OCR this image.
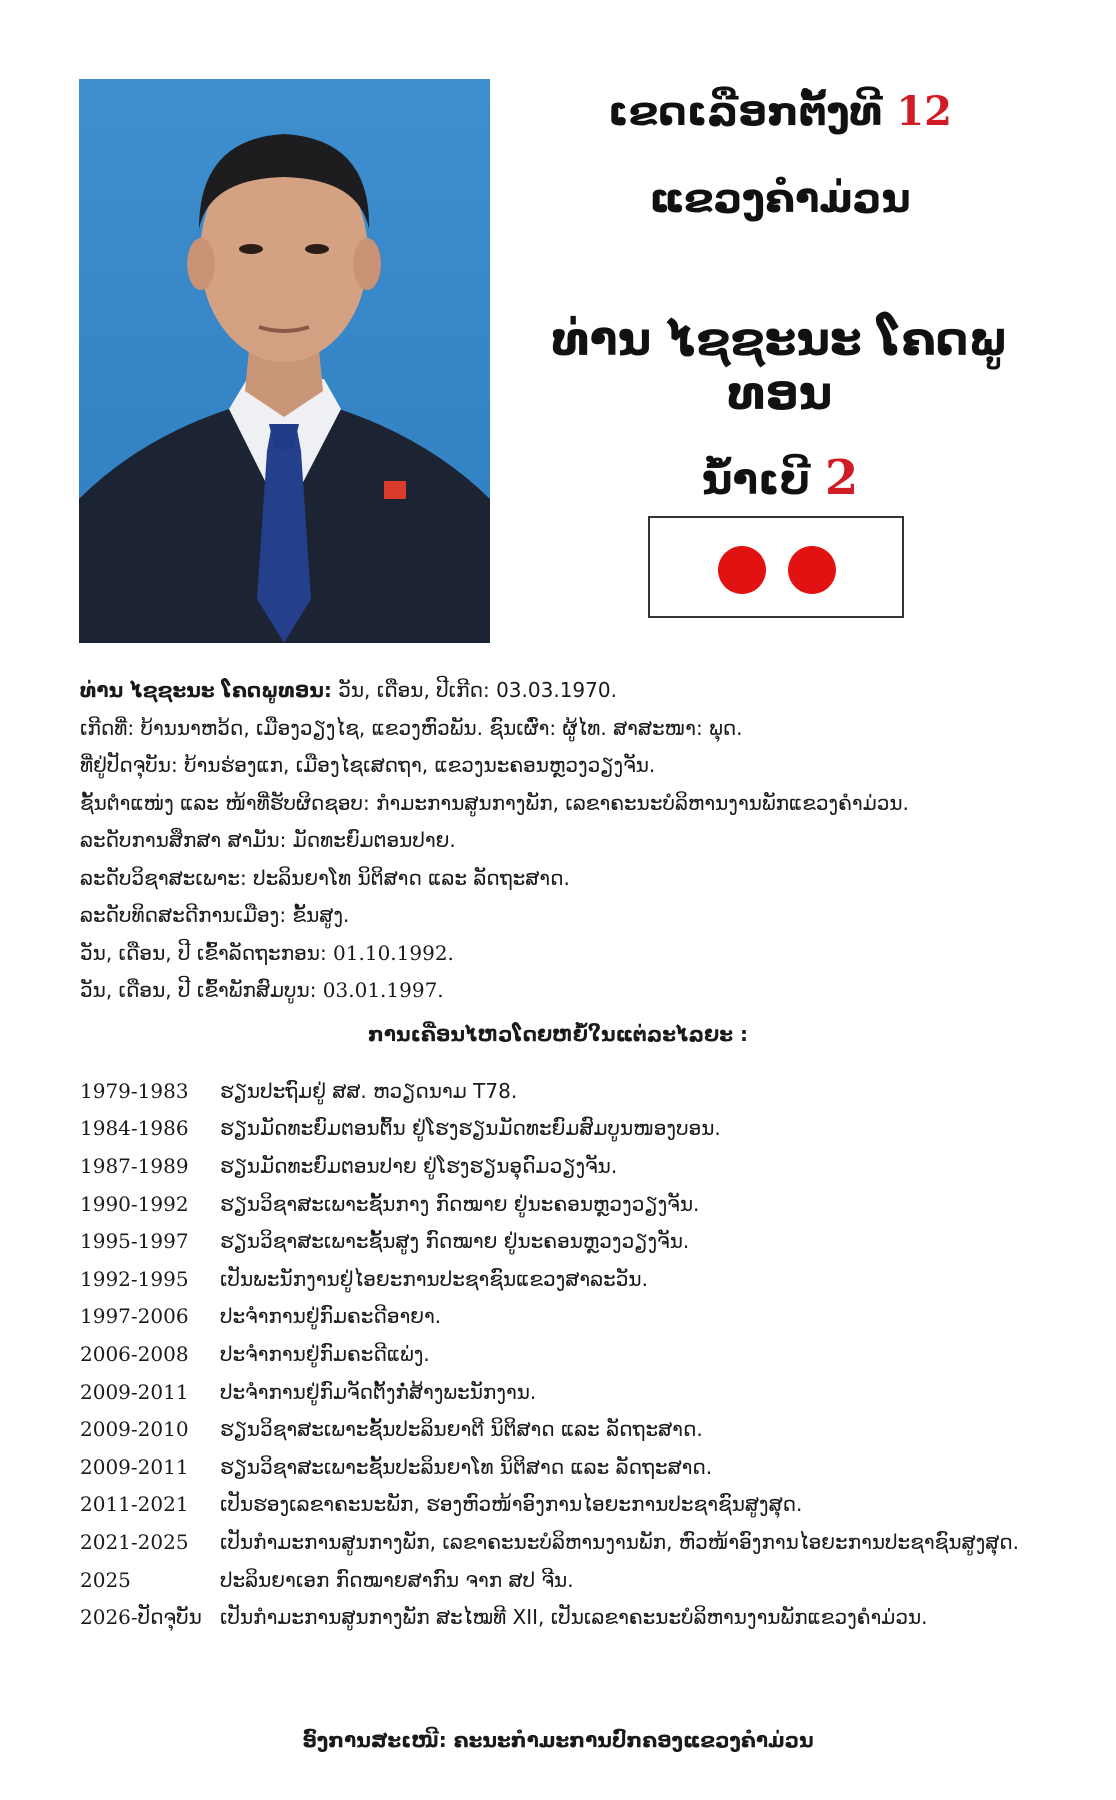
ເຂດເລືອກຕັ້ງທີ 12
ແຂວງຄໍາມ່ວນ
ທ່ານ ໄຊຊະນະ ໂຄດພູທອນ
ນໍ້າເບີ 2
ທ່ານ ໄຊຊະນະ ໂຄດພູທອນ: ວັນ, ເດືອນ, ປີເກີດ: 03.03.1970.
ເກີດທີ່: ບ້ານນາຫວ້ດ, ເມືອງວຽງໄຊ, ແຂວງຫົວພັນ. ຊົນເຜົ່າ: ຜູ້ໄທ. ສາສະໜາ: ພຸດ.
ທີ່ຢູ່ປັດຈຸບັນ: ບ້ານຮ່ອງແກ, ເມືອງໄຊເສດຖາ, ແຂວງນະຄອນຫຼວງວຽງຈັນ.
ຊັ້ນຕໍາແໜ່ງ ແລະ ໜ້າທີ່ຮັບຜິດຊອບ: ກໍາມະການສູນກາງພັກ, ເລຂາຄະນະບໍລິຫານງານພັກແຂວງຄໍາມ່ວນ.
ລະດັບການສຶກສາ ສາມັນ: ມັດທະຍົມຕອນປາຍ.
ລະດັບວິຊາສະເພາະ: ປະລິນຍາໂທ ນິຕິສາດ ແລະ ລັດຖະສາດ.
ລະດັບທິດສະດີການເມືອງ: ຂັ້ນສູງ.
ວັນ, ເດືອນ, ປີ ເຂົ້າລັດຖະກອນ: 01.10.1992.
ວັນ, ເດືອນ, ປີ ເຂົ້າພັກສົມບູນ: 03.01.1997.
ການເຄື່ອນໄຫວໂດຍຫຍໍ້ໃນແຕ່ລະໄລຍະ :
1979-1983	ຮຽນປະຖົມຢູ່ ສສ. ຫວຽດນາມ T78.
1984-1986	ຮຽນມັດທະຍົມຕອນຕົ້ນ ຢູ່ໂຮງຮຽນມັດທະຍົມສົມບູນໜອງບອນ.
1987-1989	ຮຽນມັດທະຍົມຕອນປາຍ ຢູ່ໂຮງຮຽນອຸດົມວຽງຈັນ.
1990-1992	ຮຽນວິຊາສະເພາະຊັ້ນກາງ ກົດໝາຍ ຢູ່ນະຄອນຫຼວງວຽງຈັນ.
1995-1997	ຮຽນວິຊາສະເພາະຊັ້ນສູງ ກົດໝາຍ ຢູ່ນະຄອນຫຼວງວຽງຈັນ.
1992-1995	ເປັນພະນັກງານຢູ່ໄອຍະການປະຊາຊົນແຂວງສາລະວັນ.
1997-2006	ປະຈໍາການຢູ່ກົມຄະດີອາຍາ.
2006-2008	ປະຈໍາການຢູ່ກົມຄະດີແພ່ງ.
2009-2011	ປະຈໍາການຢູ່ກົມຈັດຕັ້ງກໍ່ສ້າງພະນັກງານ.
2009-2010	ຮຽນວິຊາສະເພາະຊັ້ນປະລິນຍາຕີ ນິຕິສາດ ແລະ ລັດຖະສາດ.
2009-2011	ຮຽນວິຊາສະເພາະຊັ້ນປະລິນຍາໂທ ນິຕິສາດ ແລະ ລັດຖະສາດ.
2011-2021	ເປັນຮອງເລຂາຄະນະພັກ, ຮອງຫົວໜ້າອົງການໄອຍະການປະຊາຊົນສູງສຸດ.
2021-2025	ເປັນກໍາມະການສູນກາງພັກ, ເລຂາຄະນະບໍລິຫານງານພັກ, ຫົວໜ້າອົງການໄອຍະການປະຊາຊົນສູງສຸດ.
2025	ປະລິນຍາເອກ ກົດໝາຍສາກົນ ຈາກ ສປ ຈີນ.
2026-ປັດຈຸບັນ ເປັນກໍາມະການສູນກາງພັກ ສະໄໝທີ XII, ເປັນເລຂາຄະນະບໍລິຫານງານພັກແຂວງຄໍາມ່ວນ.
ອົງການສະເໜີ: ຄະນະກໍາມະການປົກຄອງແຂວງຄໍາມ່ວນ
